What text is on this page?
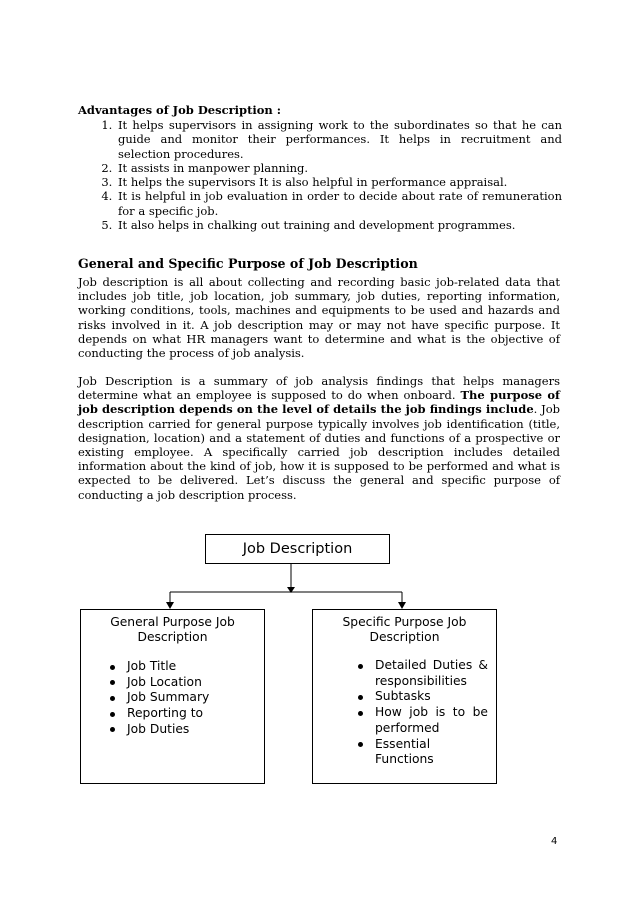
Advantages of Job Description :

1. It helps supervisors in assigning work to the subordinates so that he can guide and monitor their performances. It helps in recruitment and selection procedures.
2. It assists in manpower planning.
3. It helps the supervisors It is also helpful in performance appraisal.
4. It is helpful in job evaluation in order to decide about rate of remuneration for a specific job.
5. It also helps in chalking out training and development programmes.

General and Specific Purpose of Job Description

Job description is all about collecting and recording basic job-related data that includes job title, job location, job summary, job duties, reporting information, working conditions, tools, machines and equipments to be used and hazards and risks involved in it. A job description may or may not have specific purpose. It depends on what HR managers want to determine and what is the objective of conducting the process of job analysis.

Job Description is a summary of job analysis findings that helps managers determine what an employee is supposed to do when onboard. The purpose of job description depends on the level of details the job findings include. Job description carried for general purpose typically involves job identification (title, designation, location) and a statement of duties and functions of a prospective or existing employee. A specifically carried job description includes detailed information about the kind of job, how it is supposed to be performed and what is expected to be delivered. Let’s discuss the general and specific purpose of conducting a job description process.

Job Description
General Purpose Job Description
Job Title
Job Location
Job Summary
Reporting to
Job Duties
Specific Purpose Job Description
Detailed Duties & responsibilities
Subtasks
How job is to be performed
Essential Functions
4
